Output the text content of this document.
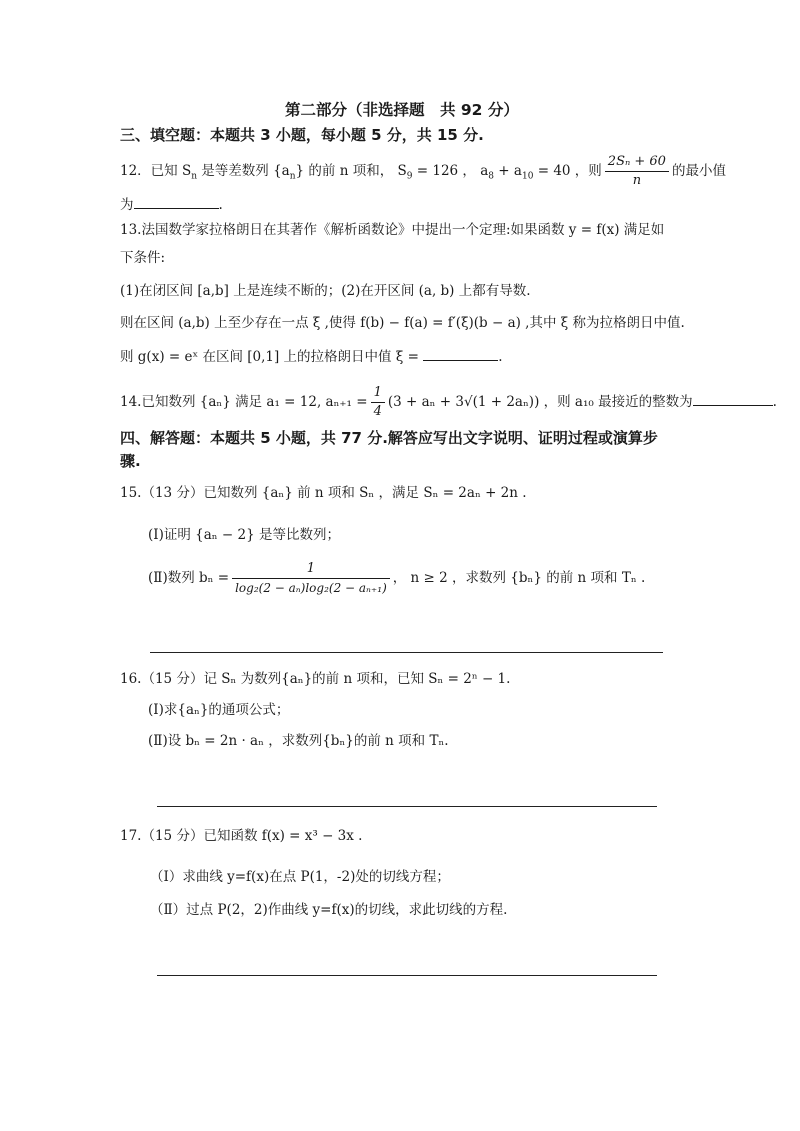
第二部分（非选择题　共 92 分）
三、填空题：本题共 3 小题，每小题 5 分，共 15 分.
12．已知 $S_n$ 是等差数列 $\{a_n\}$ 的前 n 项和， $S_9 = 126$ ， $a_8 + a_{10} = 40$ ，则 $\frac{\text{2Sₙ + 60}}{n}$ 的最小值
为	.
13.法国数学家拉格朗日在其著作《解析函数论》中提出一个定理:如果函数 y = f(x) 满足如
下条件:
(1)在闭区间 [a,b] 上是连续不断的；(2)在开区间 (a, b) 上都有导数.
则在区间 (a,b) 上至少存在一点 ξ ,使得 f(b) − f(a) = f′(ξ)(b − a) ,其中 ξ 称为拉格朗日中值.
则 g(x) = eˣ 在区间 [0,1] 上的拉格朗日中值 ξ =	.
14.已知数列 {aₙ} 满足 a₁ = 12, $a_{n+1} = \frac{1}{4} (3 + a_n + 3√(1 + 2a_n))$ ，则 a₁₀ 最接近的整数为	.
四、解答题：本题共 5 小题，共 77 分.解答应写出文字说明、证明过程或演算步
骤.
15.（13 分）已知数列 {aₙ} 前 n 项和 Sₙ ，满足 Sₙ = 2aₙ + 2n .
(Ⅰ)证明 {aₙ − 2} 是等比数列；
(Ⅱ)数列 $b_n = \frac{1}{\text{log₂(2 − aₙ)log₂(2 − aₙ₊₁)}}$ ， n ≥ 2 ，求数列 {bₙ} 的前 n 项和 Tₙ .
16.（15 分）记 Sₙ 为数列{aₙ}的前 n 项和，已知 Sₙ = 2ⁿ − 1.
(Ⅰ)求{aₙ}的通项公式；
(Ⅱ)设 bₙ = 2n · aₙ ，求数列{bₙ}的前 n 项和 Tₙ.
17.（15 分）已知函数 f(x) = x³ − 3x .
（Ⅰ）求曲线 y=f(x)在点 P(1，-2)处的切线方程；
（Ⅱ）过点 P(2，2)作曲线 y=f(x)的切线，求此切线的方程.
